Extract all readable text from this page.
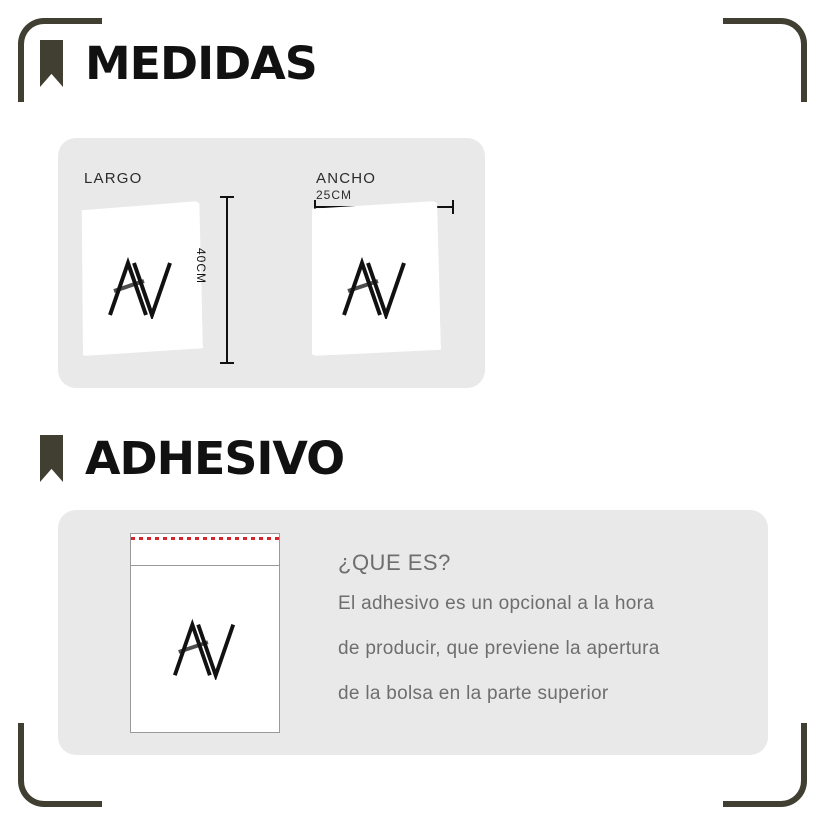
MEDIDAS
LARGO
40CM
ANCHO
25CM
ADHESIVO

¿QUE ES?

El adhesivo es un opcional a la hora
de producir, que previene la apertura
de la bolsa en la parte superior
